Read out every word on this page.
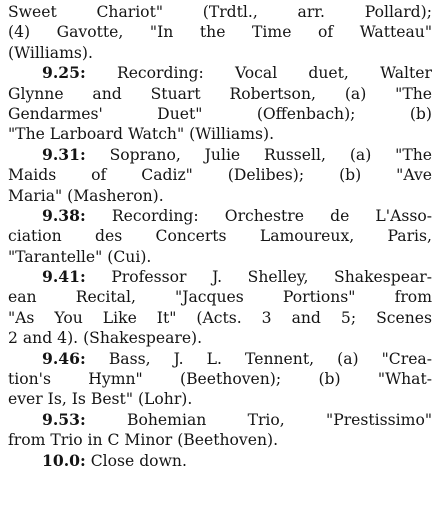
Sweet Chariot" (Trdtl., arr. Pollard);
(4) Gavotte, "In the Time of Watteau"
(Williams).
9.25: Recording: Vocal duet, Walter
Glynne and Stuart Robertson, (a) "The
Gendarmes' Duet" (Offenbach); (b)
"The Larboard Watch" (Williams).
9.31: Soprano, Julie Russell, (a) "The
Maids of Cadiz" (Delibes); (b) "Ave
Maria" (Masheron).
9.38: Recording: Orchestre de L'Asso-
ciation des Concerts Lamoureux, Paris,
"Tarantelle" (Cui).
9.41: Professor J. Shelley, Shakespear-
ean Recital, "Jacques Portions" from
"As You Like It" (Acts. 3 and 5; Scenes
2 and 4). (Shakespeare).
9.46: Bass, J. L. Tennent, (a) "Crea-
tion's Hymn" (Beethoven); (b) "What-
ever Is, Is Best" (Lohr).
9.53: Bohemian Trio, "Prestissimo"
from Trio in C Minor (Beethoven).
10.0: Close down.
